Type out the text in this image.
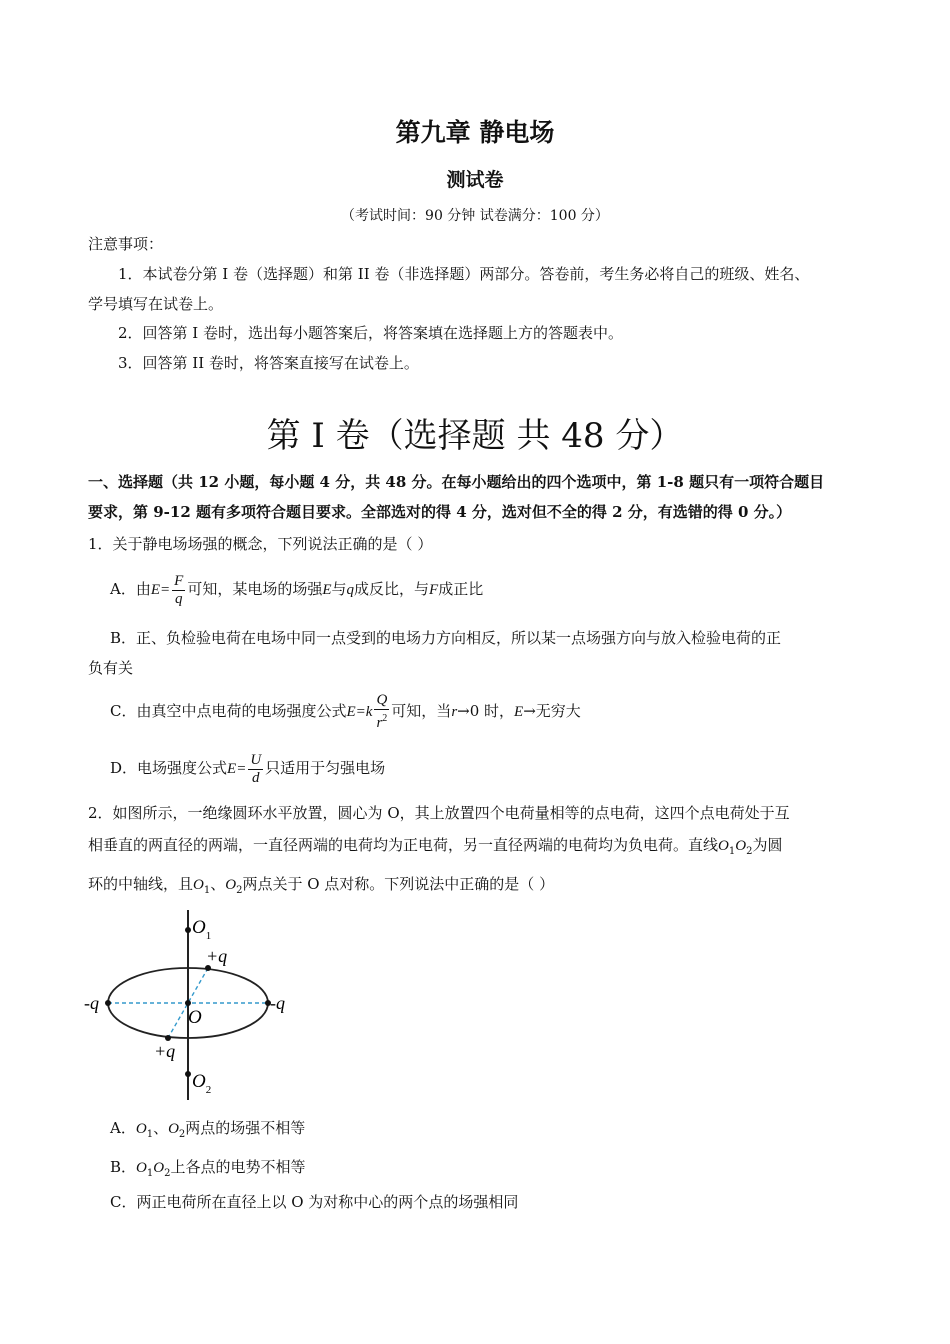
第九章 静电场
测试卷
（考试时间：90 分钟 试卷满分：100 分）
注意事项：
1．本试卷分第 I 卷（选择题）和第 II 卷（非选择题）两部分。答卷前，考生务必将自己的班级、姓名、
学号填写在试卷上。
2．回答第 I 卷时，选出每小题答案后，将答案填在选择题上方的答题表中。
3．回答第 II 卷时，将答案直接写在试卷上。
第 I 卷（选择题 共 48 分）
一、选择题（共 12 小题，每小题 4 分，共 48 分。在每小题给出的四个选项中，第 1-8 题只有一项符合题目
要求，第 9-12 题有多项符合题目要求。全部选对的得 4 分，选对但不全的得 2 分，有选错的得 0 分。）
1．关于静电场场强的概念，下列说法正确的是（ ）
A．由$E= \frac{F}{q}$ 可知，某电场的场强E与q成反比，与F成正比
B．正、负检验电荷在电场中同一点受到的电场力方向相反，所以某一点场强方向与放入检验电荷的正
负有关
C．由真空中点电荷的电场强度公式$E=k \frac{Q}{r^2}$ 可知，当r→0 时，E→无穷大
D．电场强度公式$E= \frac{U}{d}$ 只适用于匀强电场
2．如图所示，一绝缘圆环水平放置，圆心为 O，其上放置四个电荷量相等的点电荷，这四个点电荷处于互
相垂直的两直径的两端，一直径两端的电荷均为正电荷，另一直径两端的电荷均为负电荷。直线$O_1O_2$为圆
环的中轴线，且$O_1$、$O_2$两点关于 O 点对称。下列说法中正确的是（ ）
$O_1$
$O_2$
O
+q
+q
-q	-q
A．$O_1$、$O_2$两点的场强不相等
B．$O_1O_2$上各点的电势不相等
C．两正电荷所在直径上以 O 为对称中心的两个点的场强相同
